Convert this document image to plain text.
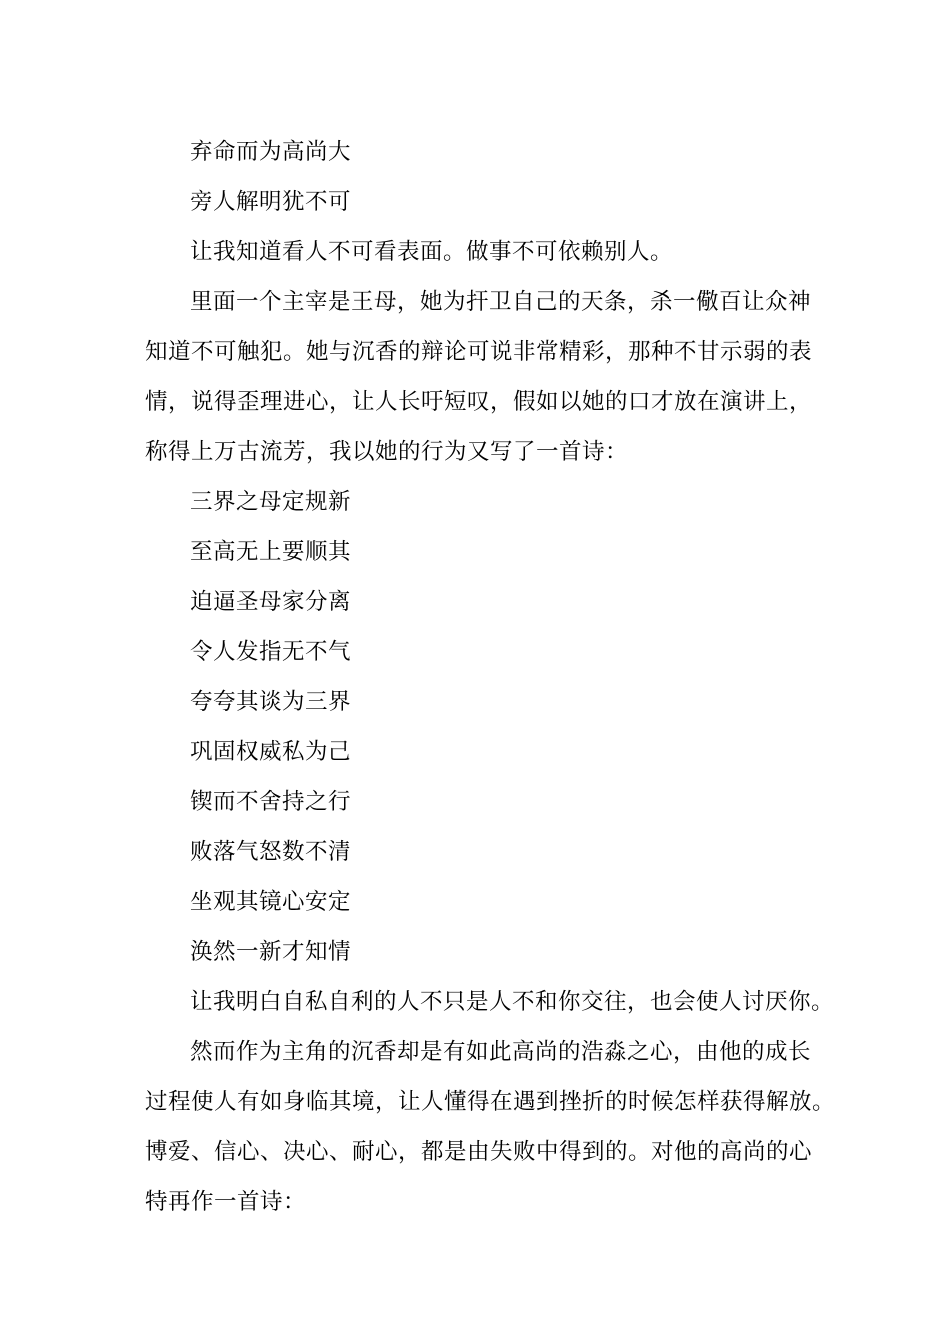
弃命而为高尚大
旁人解明犹不可
让我知道看人不可看表面。做事不可依赖别人。
里面一个主宰是王母，她为扞卫自己的天条，杀一儆百让众神
知道不可触犯。她与沉香的辩论可说非常精彩，那种不甘示弱的表
情，说得歪理进心，让人长吁短叹，假如以她的口才放在演讲上，
称得上万古流芳，我以她的行为又写了一首诗：
三界之母定规新
至高无上要顺其
迫逼圣母家分离
令人发指无不气
夸夸其谈为三界
巩固权威私为己
锲而不舍持之行
败落气怒数不清
坐观其镜心安定
涣然一新才知情
让我明白自私自利的人不只是人不和你交往，也会使人讨厌你。
然而作为主角的沉香却是有如此高尚的浩淼之心，由他的成长
过程使人有如身临其境，让人懂得在遇到挫折的时候怎样获得解放。
博爱、信心、决心、耐心，都是由失败中得到的。对他的高尚的心
特再作一首诗：
